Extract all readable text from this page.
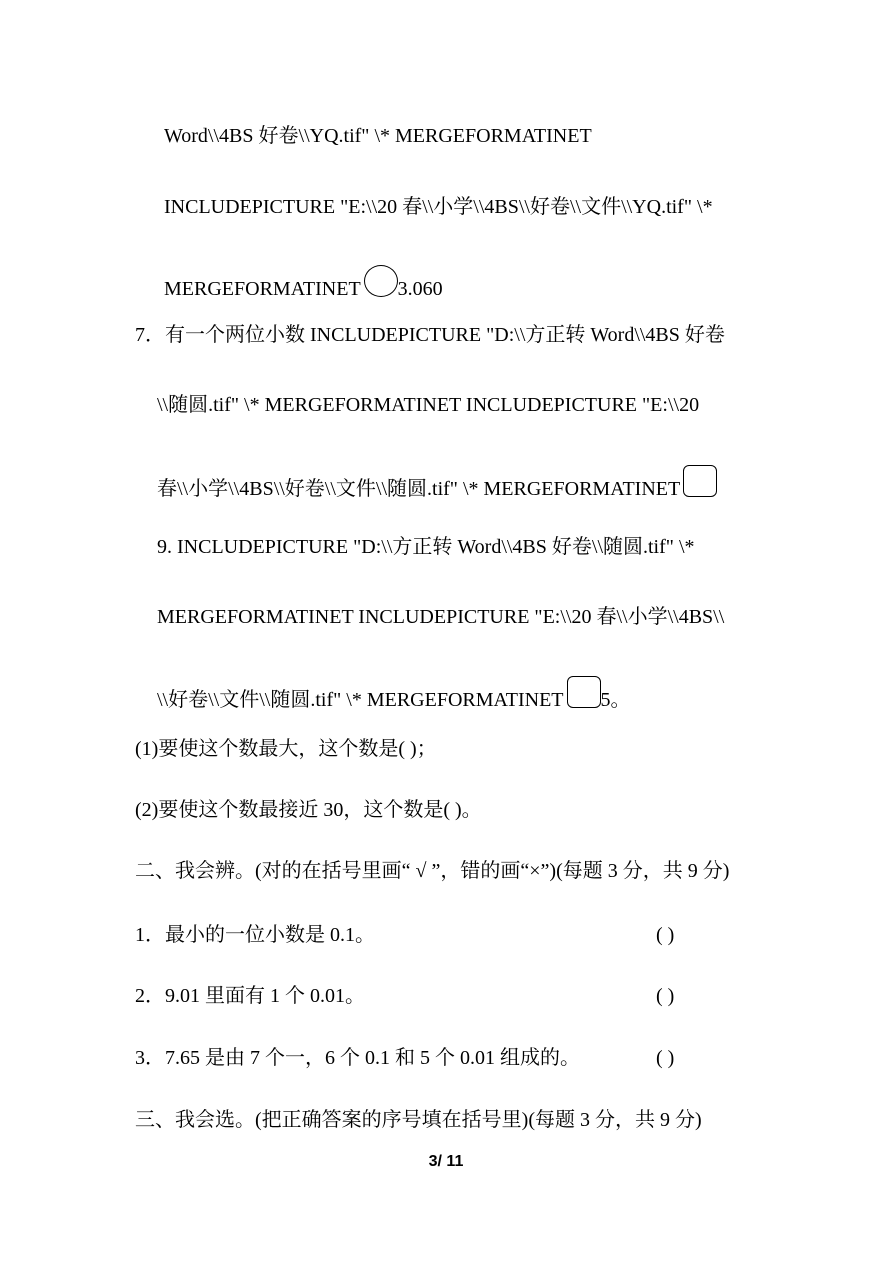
Word\\4BS 好卷\\YQ.tif" \* MERGEFORMATINET
INCLUDEPICTURE "E:\\20 春\\小学\\4BS\\好卷\\文件\\YQ.tif" \*
MERGEFORMATINET 3.060
7．有一个两位小数 INCLUDEPICTURE "D:\\方正转 Word\\4BS 好卷
\\随圆.tif" \* MERGEFORMATINET INCLUDEPICTURE "E:\\20
春\\小学\\4BS\\好卷\\文件\\随圆.tif" \* MERGEFORMATINET
9. INCLUDEPICTURE "D:\\方正转 Word\\4BS 好卷\\随圆.tif" \*
MERGEFORMATINET INCLUDEPICTURE "E:\\20 春\\小学\\4BS\\
\\好卷\\文件\\随圆.tif" \* MERGEFORMATINET 5。
(1)要使这个数最大，这个数是( )；
(2)要使这个数最接近 30，这个数是( )。
二、我会辨。(对的在括号里画“ √ ”，错的画“×”)(每题 3 分，共 9 分)
1．最小的一位小数是 0.1。	( )
2．9.01 里面有 1 个 0.01。	( )
3．7.65 是由 7 个一，6 个 0.1 和 5 个 0.01 组成的。	( )
三、我会选。(把正确答案的序号填在括号里)(每题 3 分，共 9 分)
3/ 11
